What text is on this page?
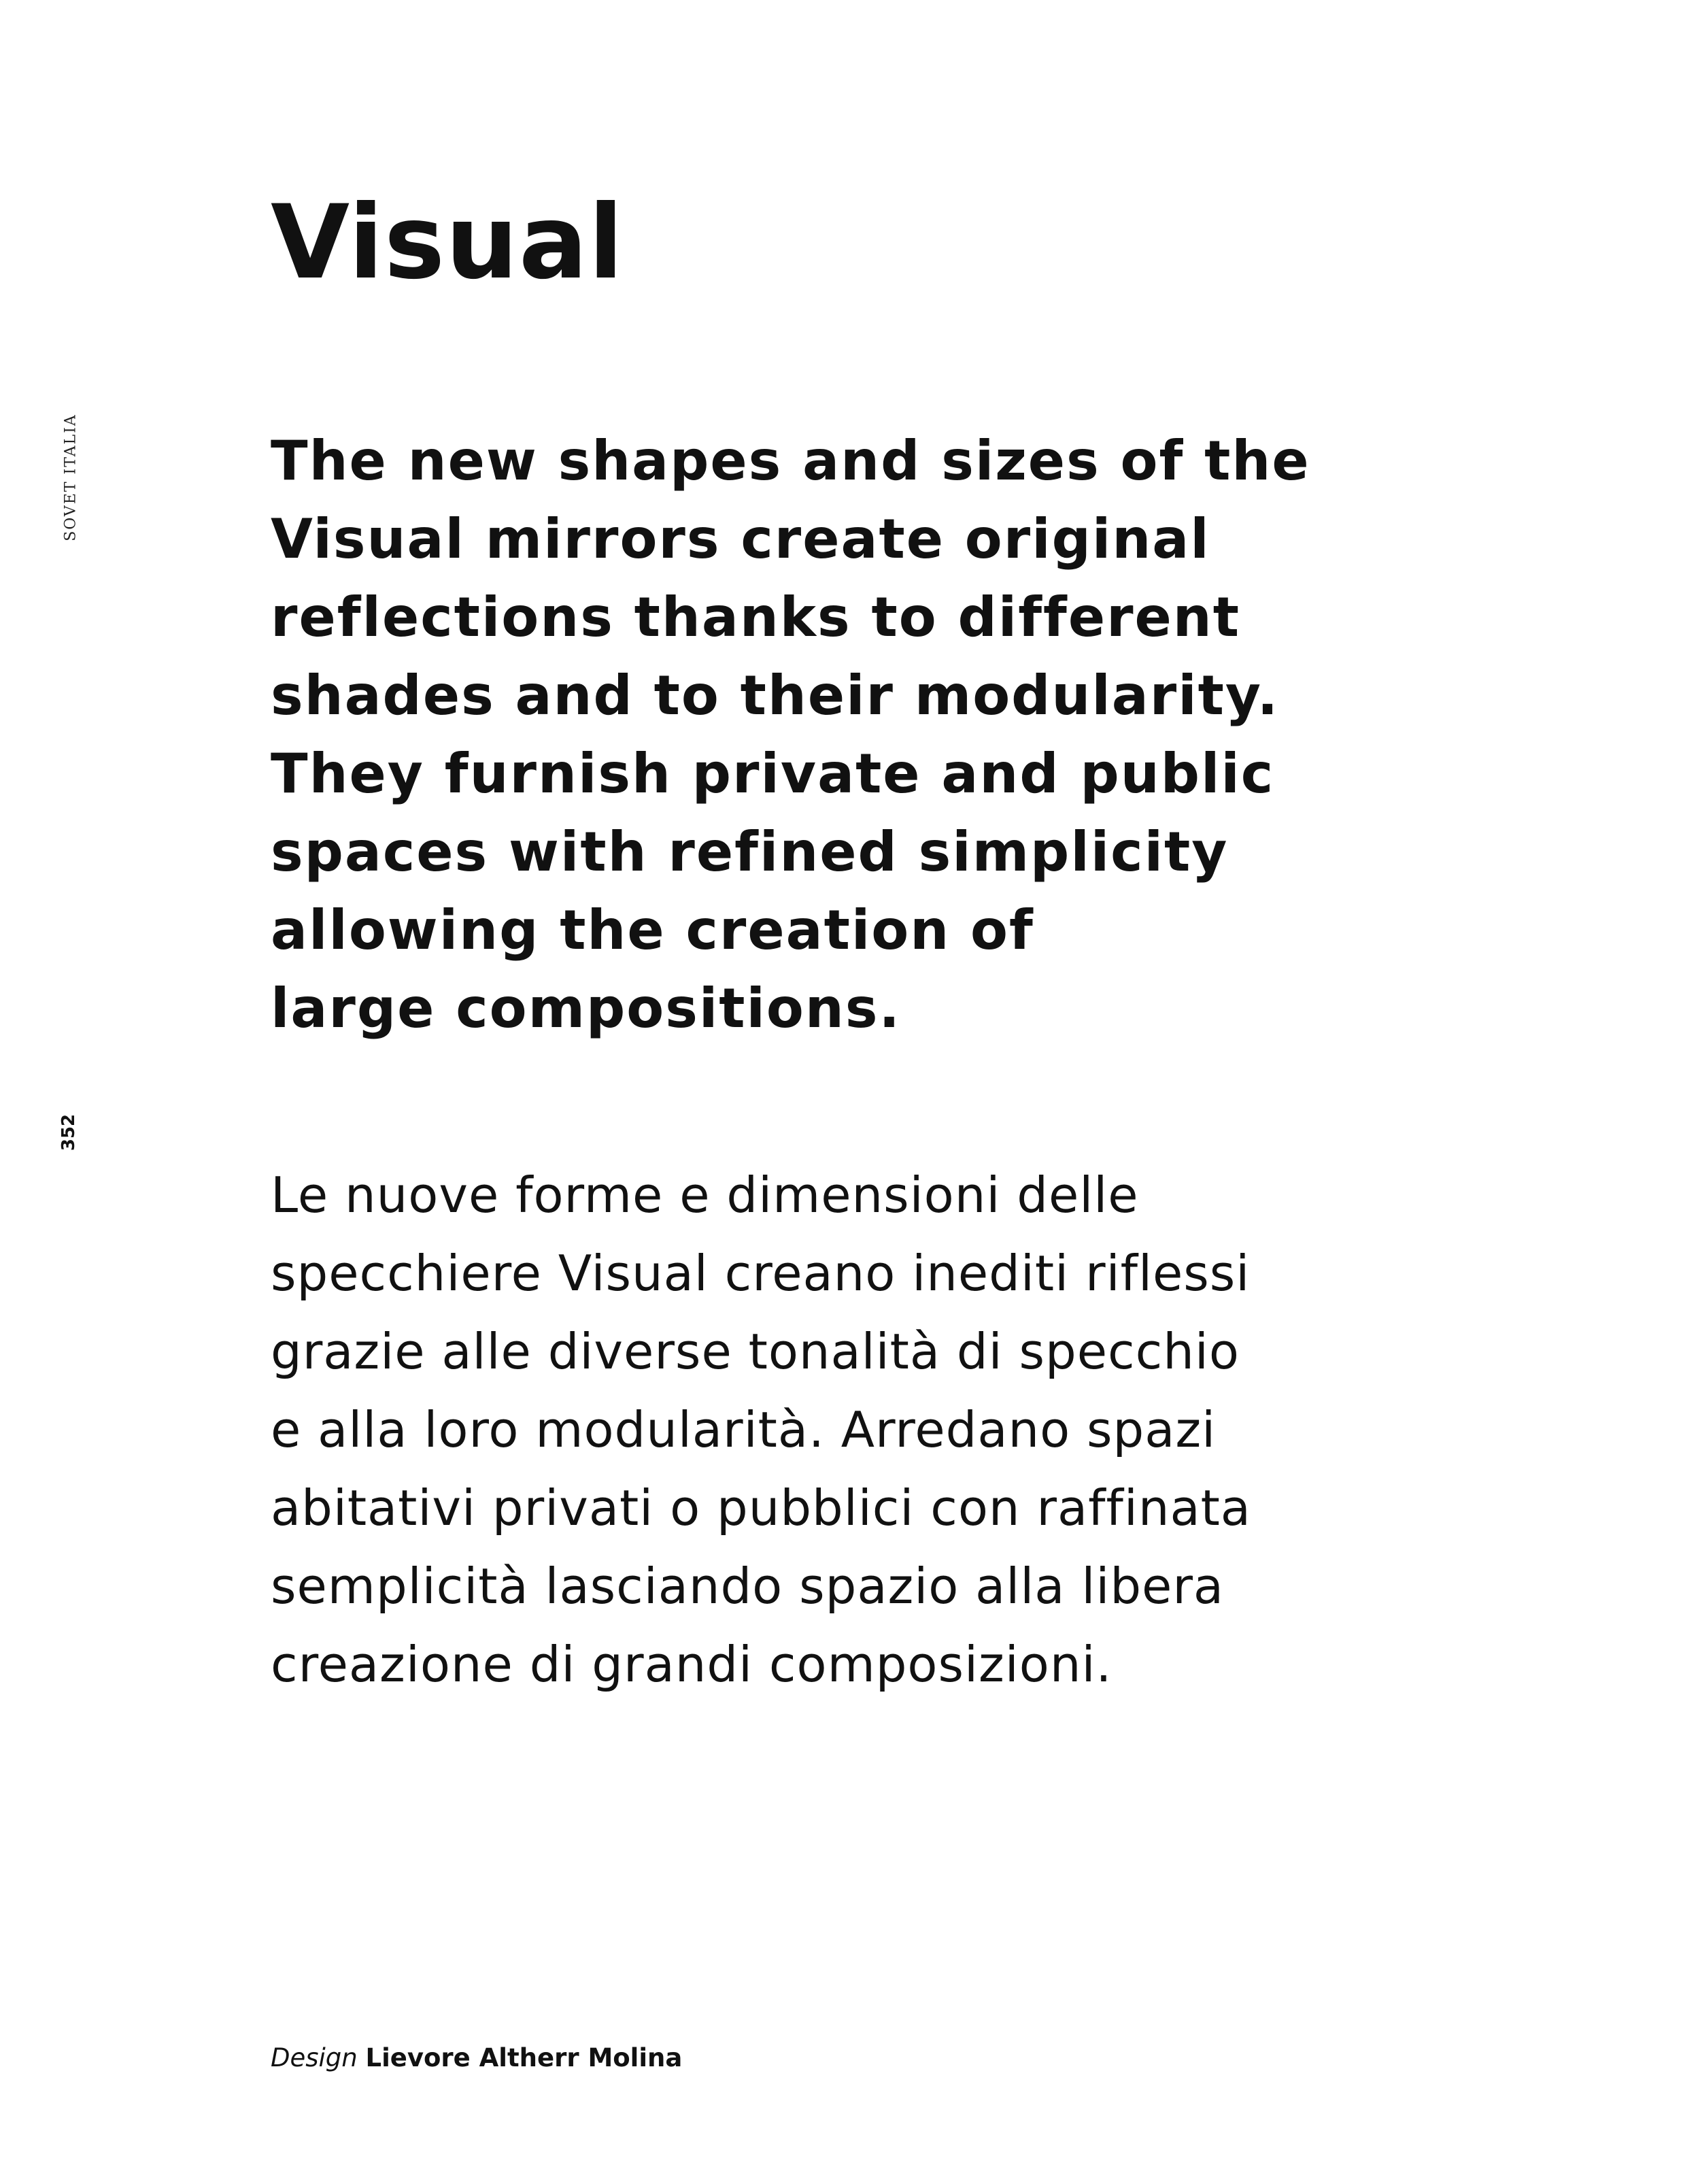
SOVET ITALIA
352
Visual

The new shapes and sizes of the
Visual mirrors create original
reflections thanks to different
shades and to their modularity.
They furnish private and public
spaces with refined simplicity
allowing the creation of
large compositions.

Le nuove forme e dimensioni delle
specchiere Visual creano inediti riflessi
grazie alle diverse tonalità di specchio
e alla loro modularità. Arredano spazi
abitativi privati o pubblici con raffinata
semplicità lasciando spazio alla libera
creazione di grandi composizioni.

Design Lievore Altherr Molina
